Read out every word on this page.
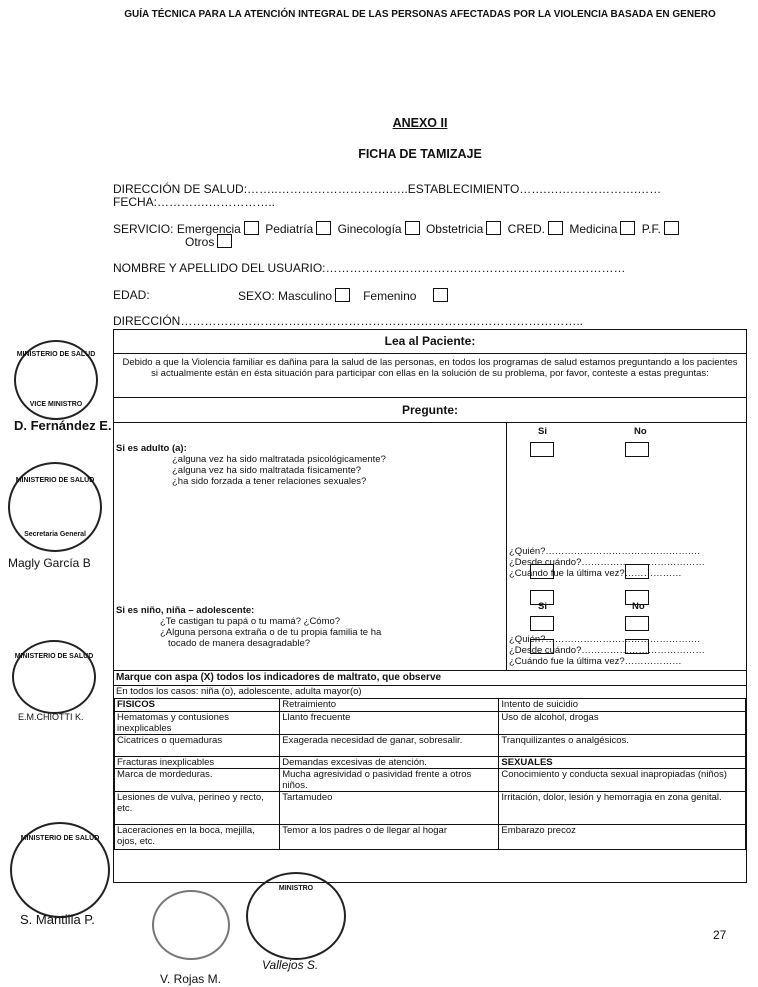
GUÍA TÉCNICA PARA LA ATENCIÓN INTEGRAL DE LAS PERSONAS AFECTADAS POR LA VIOLENCIA BASADA EN GENERO
ANEXO II
FICHA DE TAMIZAJE
DIRECCIÓN DE SALUD:……..……………………….…..ESTABLECIMIENTO…….….……………….……
FECHA:………….……………..
SERVICIO: Emergencia Pediatría Ginecología Obstetricia CRED. Medicina P.F.
Otros
NOMBRE Y APELLIDO DEL USUARIO:…………………………………………………………………
EDAD:	SEXO: Masculino	Femenino
DIRECCIÓN………………………………………………………………………………………..
Lea al Paciente:
Debido a que la Violencia familiar es dañina para la salud de las personas, en todos los programas de salud estamos preguntando a los pacientes si actualmente están en ésta situación para participar con ellas en la solución de su problema, por favor, conteste a estas preguntas:
Pregunte:
Si es adulto (a):
¿alguna vez ha sido maltratada psicológicamente?
¿alguna vez ha sido maltratada físicamente?
¿ha sido forzada a tener relaciones sexuales?
Si	No
¿Quién?………………………………………….
¿Desde cuándo?…………………………………
¿Cuándo fue la última vez?………………
Si es niño, niña – adolescente:
¿Te castigan tu papá o tu mamá? ¿Cómo?
¿Alguna persona extraña o de tu propia familia te ha
tocado de manera desagradable?
Si	No
¿Quién?………………………………………….
¿Desde cuándo?…………………………………
¿Cuándo fue la última vez?………………
Marque con aspa (X) todos los indicadores de maltrato, que observe
En todos los casos: niña (o), adolescente, adulta mayor(o)
FISICOS	Retraimiento	Intento de suicidio
Hematomas y contusiones inexplicables	Llanto frecuente	Uso de alcohol, drogas
Cicatrices o quemaduras	Exagerada necesidad de ganar, sobresalir.	Tranquilizantes o analgésicos.
Fracturas inexplicables	Demandas excesivas de atención.	SEXUALES
Marca de mordeduras.	Mucha agresividad o pasividad frente a otros niños.	Conocimiento y conducta sexual inapropiadas (niños)
Lesiones de vulva, perineo y recto, etc.	Tartamudeo	Irritación, dolor, lesión y hemorragia en zona genital.
Laceraciones en la boca, mejilla, ojos, etc.	Temor a los padres o de llegar al hogar	Embarazo precoz
27
MINISTERIO DE SALUD
VICE MINISTRO
D. Fernández E.
MINISTERIO DE SALUD
Secretaria General
Magly García B
MINISTERIO DE SALUD
E.M.CHIOTTI K.
MINISTERIO DE SALUD
S. Mantilla P.
MINISTRO
V. Rojas M.
Vallejos S.
